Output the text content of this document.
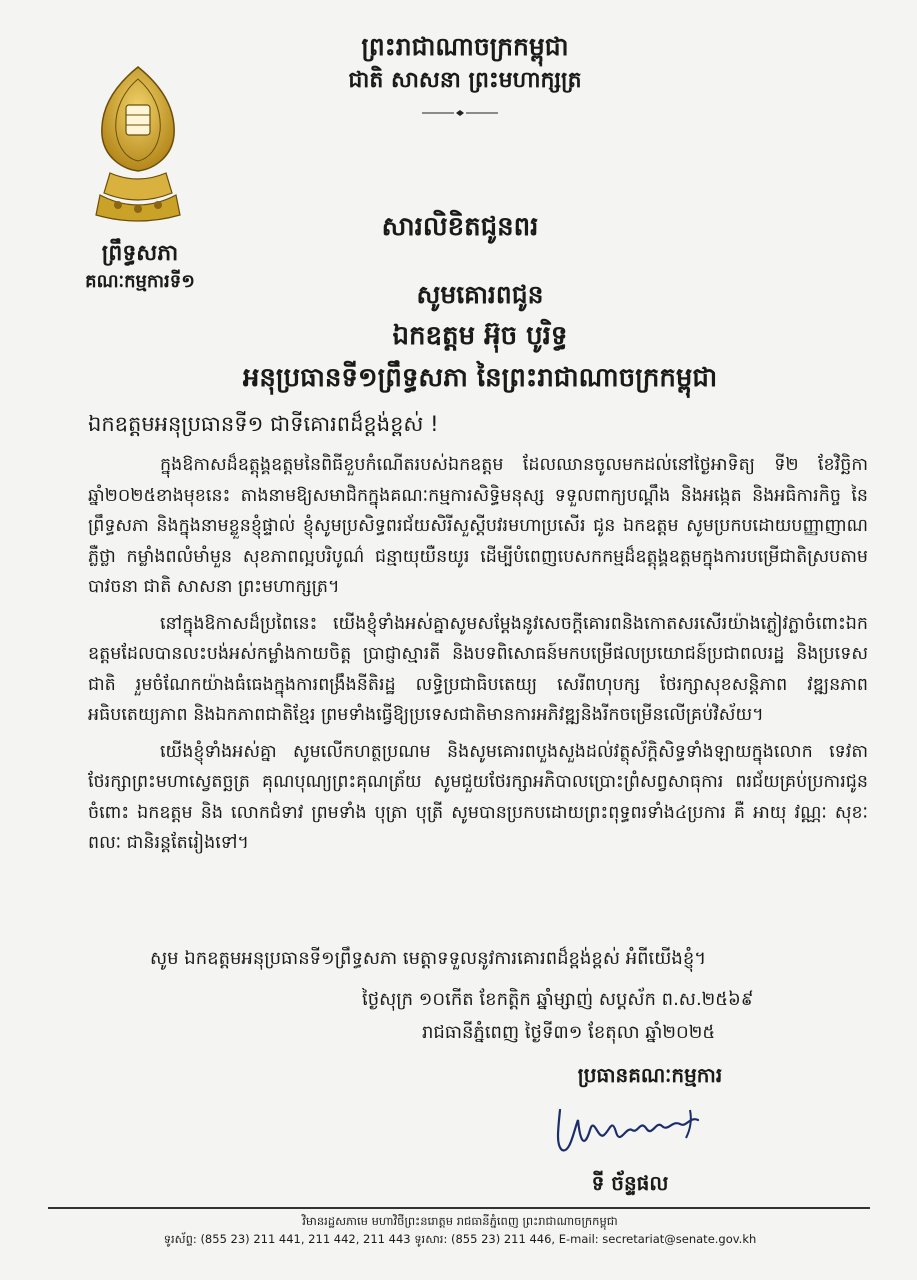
ព្រះរាជាណាចក្រកម្ពុជា
ជាតិ សាសនា ព្រះមហាក្សត្រ
ព្រឹទ្ធសភា
គណៈកម្មការទី១
សារលិខិតជូនពរ
សូមគោរពជូន
ឯកឧត្តម អ៊ុច បូរិទ្ធ
អនុប្រធានទី១ព្រឹទ្ធសភា នៃព្រះរាជាណាចក្រកម្ពុជា
ឯកឧត្តមអនុប្រធានទី១ ជាទីគោរពដ៏ខ្ពង់ខ្ពស់ !

ក្នុងឱកាសដ៏ឧត្តុង្គឧត្តមនៃពិធីខួបកំណើតរបស់ឯកឧត្តម ដែលឈានចូលមកដល់នៅថ្ងៃអាទិត្យ ទី២ ខែវិច្ឆិកា ឆ្នាំ២០២៥ខាងមុខនេះ តាងនាមឱ្យសមាជិកក្នុងគណៈកម្មការសិទ្ធិមនុស្ស ទទួលពាក្យបណ្តឹង និងអង្កេត និងអធិការកិច្ច នៃព្រឹទ្ធសភា និងក្នុងនាមខ្លួនខ្ញុំផ្ទាល់ ខ្ញុំសូមប្រសិទ្ធពរជ័យសិរីសួស្តីបវរមហាប្រសើរ ជូន ឯកឧត្តម សូមប្រកបដោយបញ្ញាញាណភ្លឺថ្លា កម្លាំងពលំមាំមួន សុខភាពល្អបរិបូណ៌ ជន្មាយុយឺនយូរ ដើម្បីបំពេញបេសកកម្មដ៏ឧត្តុង្គឧត្តមក្នុងការបម្រើជាតិស្របតាមបាវចនា ជាតិ សាសនា ព្រះមហាក្សត្រ។

នៅក្នុងឱកាសដ៏ប្រពៃនេះ យើងខ្ញុំទាំងអស់គ្នាសូមសម្តែងនូវសេចក្តីគោរពនិងកោតសរសើរយ៉ាងភ្លៀវភ្លាចំពោះឯកឧត្តមដែលបានលះបង់អស់កម្លាំងកាយចិត្ត ប្រាជ្ញាស្មារតី និងបទពិសោធន៍មកបម្រើផលប្រយោជន៍ប្រជាពលរដ្ឋ និងប្រទេសជាតិ រួមចំណែកយ៉ាងធំធេងក្នុងការពង្រឹងនីតិរដ្ឋ លទ្ធិប្រជាធិបតេយ្យ សេរីពហុបក្ស ថែរក្សាសុខសន្តិភាព វឌ្ឍនភាព អធិបតេយ្យភាព និងឯកភាពជាតិខ្មែរ ព្រមទាំងធ្វើឱ្យប្រទេសជាតិមានការអភិវឌ្ឍនិងរីកចម្រើនលើគ្រប់វិស័យ។

យើងខ្ញុំទាំងអស់គ្នា សូមលើកហត្ថប្រណម និងសូមគោរពបួងសួងដល់វត្ថុស័ក្តិសិទ្ធទាំងឡាយក្នុងលោក ទេវតាថែរក្សាព្រះមហាស្វេតច្ឆត្រ គុណបុណ្យព្រះគុណត្រ័យ សូមជួយថែរក្សាអភិបាលប្រោះព្រំសព្វសាធុការ ពរជ័យគ្រប់ប្រការជូនចំពោះ ឯកឧត្តម និង លោកជំទាវ ព្រមទាំង បុត្រា បុត្រី សូមបានប្រកបដោយព្រះពុទ្ធពរទាំង៤ប្រការ គឺ អាយុ វណ្ណៈ សុខៈ ពលៈ ជានិរន្តតែរៀងទៅ។

សូម ឯកឧត្តមអនុប្រធានទី១ព្រឹទ្ធសភា មេត្តាទទួលនូវការគោរពដ៏ខ្ពង់ខ្ពស់ អំពីយើងខ្ញុំ។
ថ្ងៃសុក្រ ១០កើត ខែកត្តិក ឆ្នាំម្សាញ់ សប្តស័ក ព.ស.២៥៦៩
រាជធានីភ្នំពេញ ថ្ងៃទី៣១ ខែតុលា ឆ្នាំ២០២៥
ប្រធានគណៈកម្មការ
ទី ច័ន្ទផល
វិមានរដ្ឋសភាមេ មហាវិថីព្រះនរោត្តម រាជធានីភ្នំពេញ ព្រះរាជាណាចក្រកម្ពុជា
ទូរស័ព្ទ: (855 23) 211 441, 211 442, 211 443 ទូរសារ: (855 23) 211 446, E-mail: secretariat@senate.gov.kh
